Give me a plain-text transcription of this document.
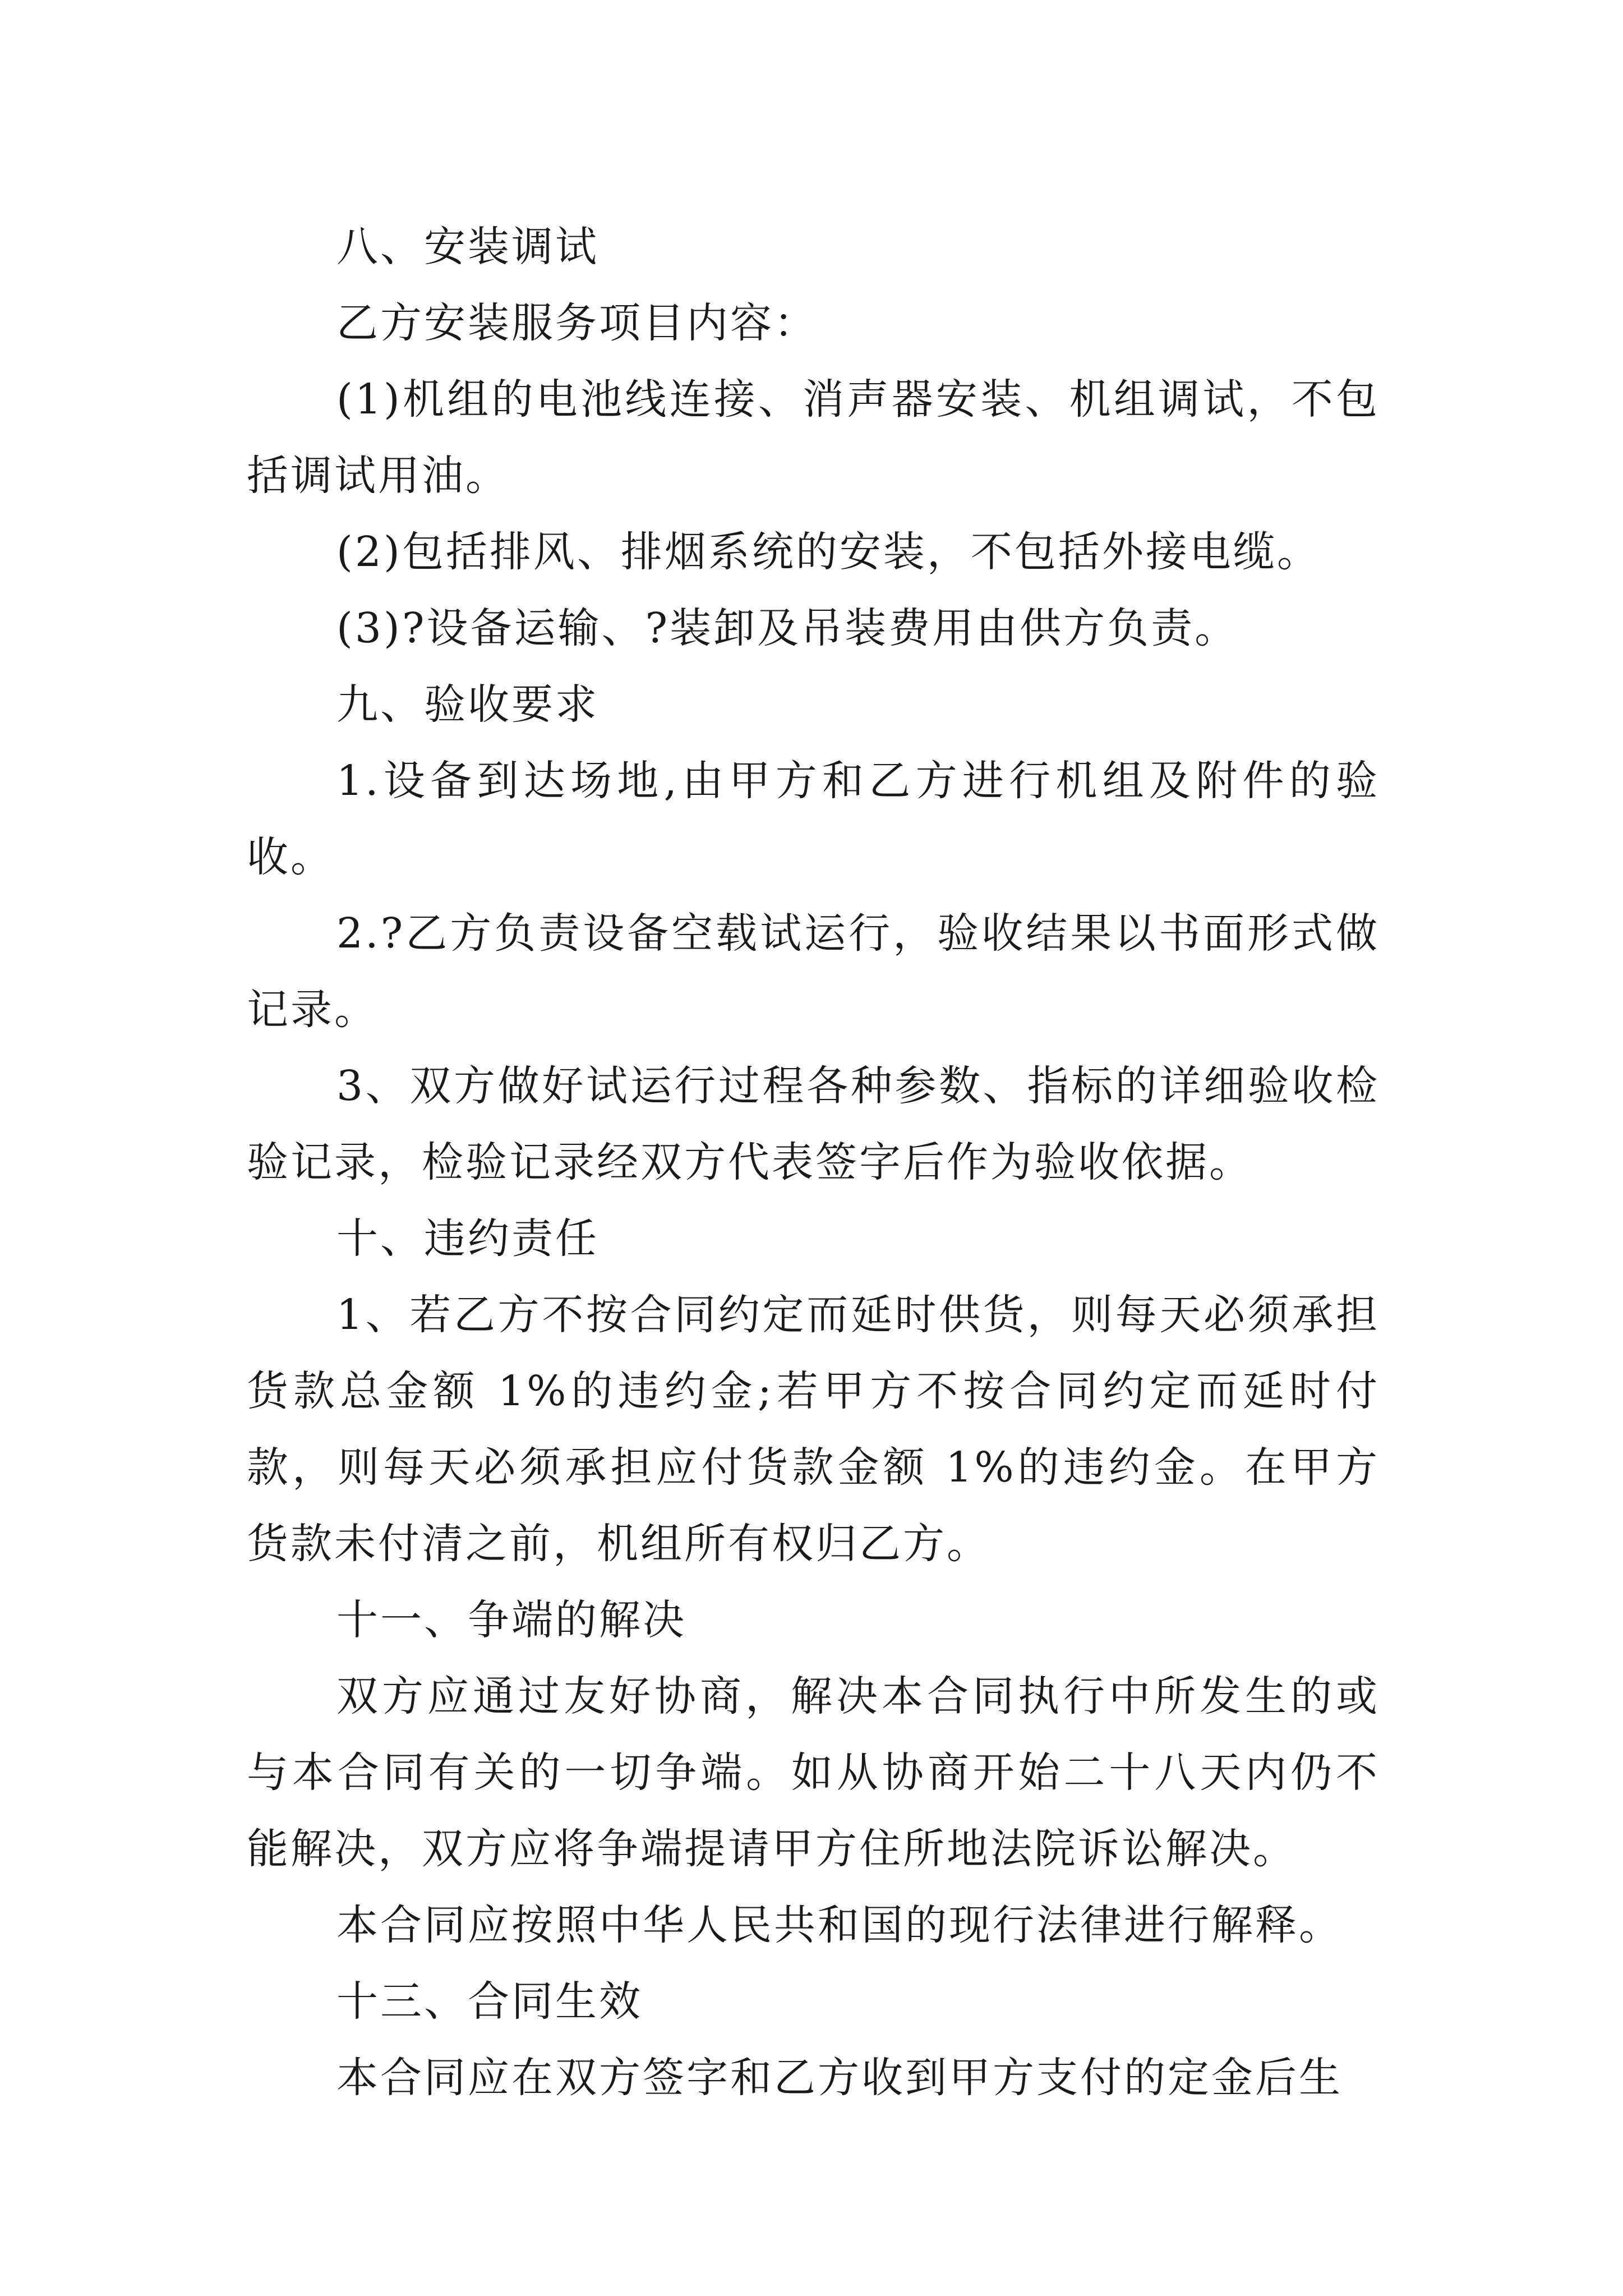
八、安装调试

乙方安装服务项目内容：

(1)机组的电池线连接、消声器安装、机组调试，不包括调试用油。

(2)包括排风、排烟系统的安装，不包括外接电缆。

(3)?设备运输、?装卸及吊装费用由供方负责。

九、验收要求

1.设备到达场地,由甲方和乙方进行机组及附件的验收。

2.?乙方负责设备空载试运行，验收结果以书面形式做记录。

3、双方做好试运行过程各种参数、指标的详细验收检验记录，检验记录经双方代表签字后作为验收依据。

十、违约责任

1、若乙方不按合同约定而延时供货，则每天必须承担货款总金额 1%的违约金;若甲方不按合同约定而延时付款，则每天必须承担应付货款金额 1%的违约金。在甲方货款未付清之前，机组所有权归乙方。

十一、争端的解决

双方应通过友好协商，解决本合同执行中所发生的或与本合同有关的一切争端。如从协商开始二十八天内仍不能解决，双方应将争端提请甲方住所地法院诉讼解决。

本合同应按照中华人民共和国的现行法律进行解释。

十三、合同生效

本合同应在双方签字和乙方收到甲方支付的定金后生
